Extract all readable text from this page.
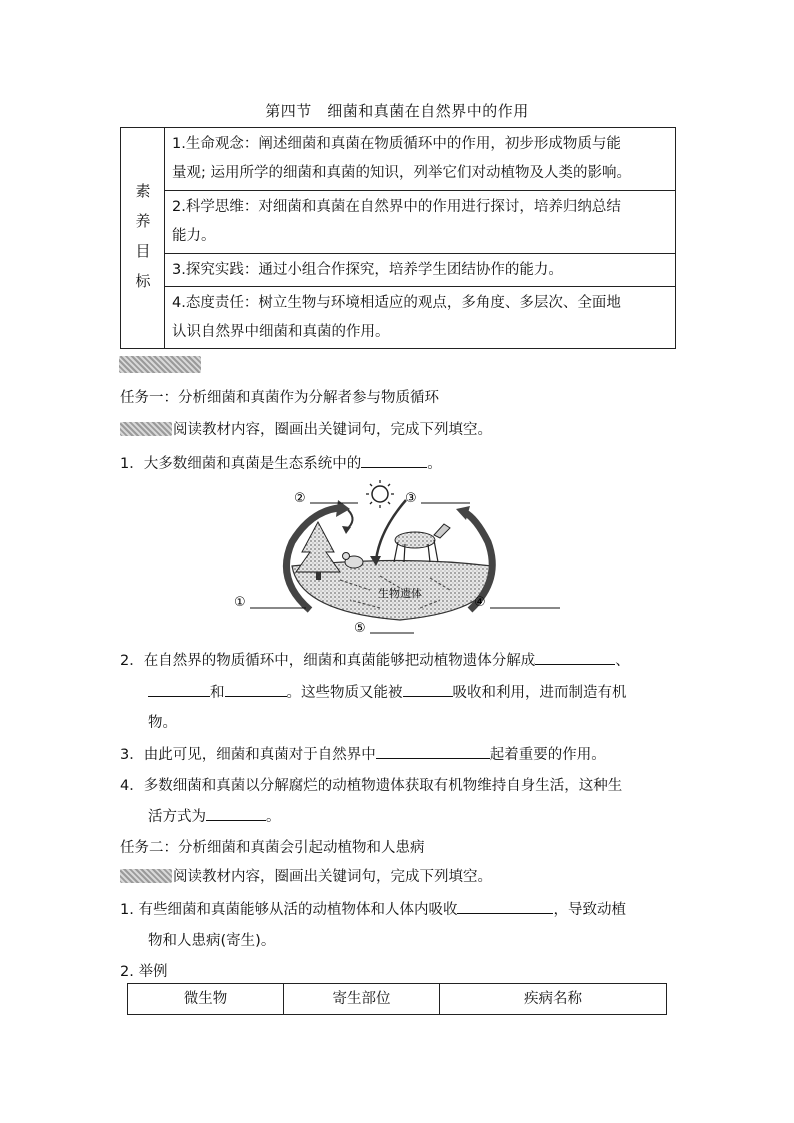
第四节　细菌和真菌在自然界中的作用
素
养
目
标
1.生命观念：阐述细菌和真菌在物质循环中的作用，初步形成物质与能
量观; 运用所学的细菌和真菌的知识，列举它们对动植物及人类的影响。
2.科学思维：对细菌和真菌在自然界中的作用进行探讨，培养归纳总结
能力。
3.探究实践：通过小组合作探究，培养学生团结协作的能力。
4.态度责任：树立生物与环境相适应的观点，多角度、多层次、全面地
认识自然界中细菌和真菌的作用。
任务一：分析细菌和真菌作为分解者参与物质循环
阅读教材内容，圈画出关键词句，完成下列填空。
1．大多数细菌和真菌是生态系统中的	。
生物遗体
②	③
①	④
⑤
2．在自然界的物质循环中，细菌和真菌能够把动植物遗体分解成	、
和	。这些物质又能被	吸收和利用，进而制造有机
物。
3．由此可见，细菌和真菌对于自然界中	起着重要的作用。
4．多数细菌和真菌以分解腐烂的动植物遗体获取有机物维持自身生活，这种生
活方式为	。
任务二：分析细菌和真菌会引起动植物和人患病
阅读教材内容，圈画出关键词句，完成下列填空。
1. 有些细菌和真菌能够从活的动植物体和人体内吸收	，导致动植
物和人患病(寄生)。
2. 举例
微生物	寄生部位	疾病名称
